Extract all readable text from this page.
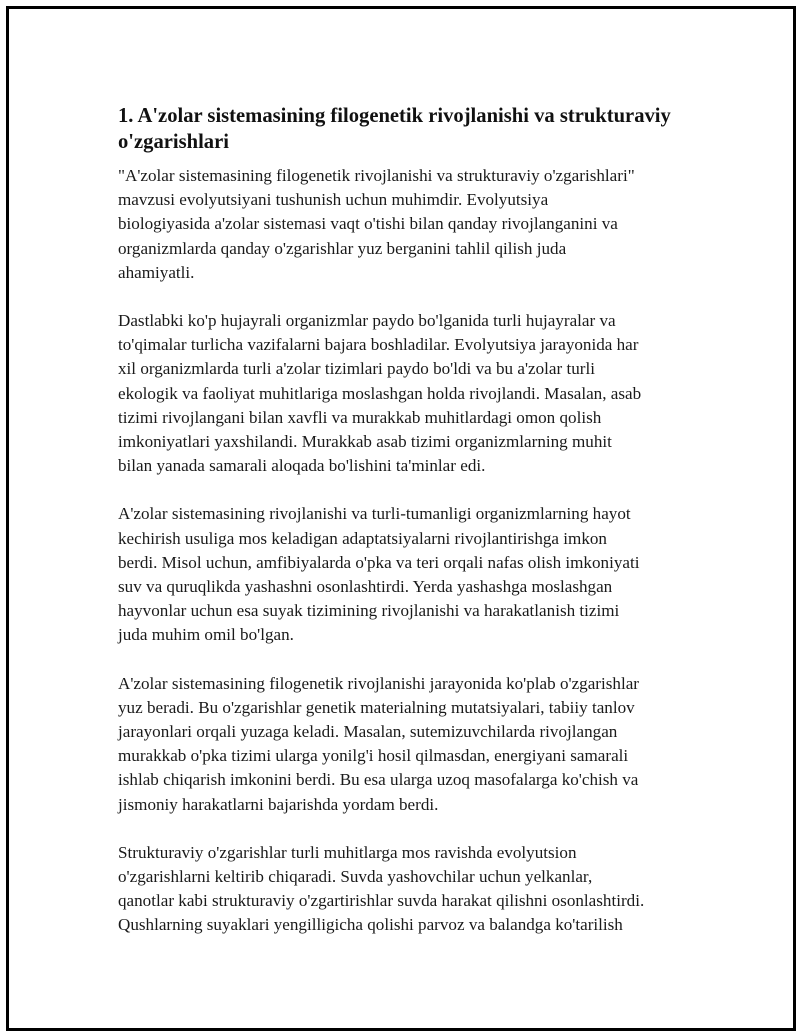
1. A'zolar sistemasining filogenetik rivojlanishi va strukturaviy o'zgarishlari

"A'zolar sistemasining filogenetik rivojlanishi va strukturaviy o'zgarishlari"
mavzusi evolyutsiyani tushunish uchun muhimdir. Evolyutsiya
biologiyasida a'zolar sistemasi vaqt o'tishi bilan qanday rivojlanganini va
organizmlarda qanday o'zgarishlar yuz berganini tahlil qilish juda
ahamiyatli.

Dastlabki ko'p hujayrali organizmlar paydo bo'lganida turli hujayralar va
to'qimalar turlicha vazifalarni bajara boshladilar. Evolyutsiya jarayonida har
xil organizmlarda turli a'zolar tizimlari paydo bo'ldi va bu a'zolar turli
ekologik va faoliyat muhitlariga moslashgan holda rivojlandi. Masalan, asab
tizimi rivojlangani bilan xavfli va murakkab muhitlardagi omon qolish
imkoniyatlari yaxshilandi. Murakkab asab tizimi organizmlarning muhit
bilan yanada samarali aloqada bo'lishini ta'minlar edi.

A'zolar sistemasining rivojlanishi va turli-tumanligi organizmlarning hayot
kechirish usuliga mos keladigan adaptatsiyalarni rivojlantirishga imkon
berdi. Misol uchun, amfibiyalarda o'pka va teri orqali nafas olish imkoniyati
suv va quruqlikda yashashni osonlashtirdi. Yerda yashashga moslashgan
hayvonlar uchun esa suyak tizimining rivojlanishi va harakatlanish tizimi
juda muhim omil bo'lgan.

A'zolar sistemasining filogenetik rivojlanishi jarayonida ko'plab o'zgarishlar
yuz beradi. Bu o'zgarishlar genetik materialning mutatsiyalari, tabiiy tanlov
jarayonlari orqali yuzaga keladi. Masalan, sutemizuvchilarda rivojlangan
murakkab o'pka tizimi ularga yonilg'i hosil qilmasdan, energiyani samarali
ishlab chiqarish imkonini berdi. Bu esa ularga uzoq masofalarga ko'chish va
jismoniy harakatlarni bajarishda yordam berdi.

Strukturaviy o'zgarishlar turli muhitlarga mos ravishda evolyutsion
o'zgarishlarni keltirib chiqaradi. Suvda yashovchilar uchun yelkanlar,
qanotlar kabi strukturaviy o'zgartirishlar suvda harakat qilishni osonlashtirdi.
Qushlarning suyaklari yengilligicha qolishi parvoz va balandga ko'tarilish
